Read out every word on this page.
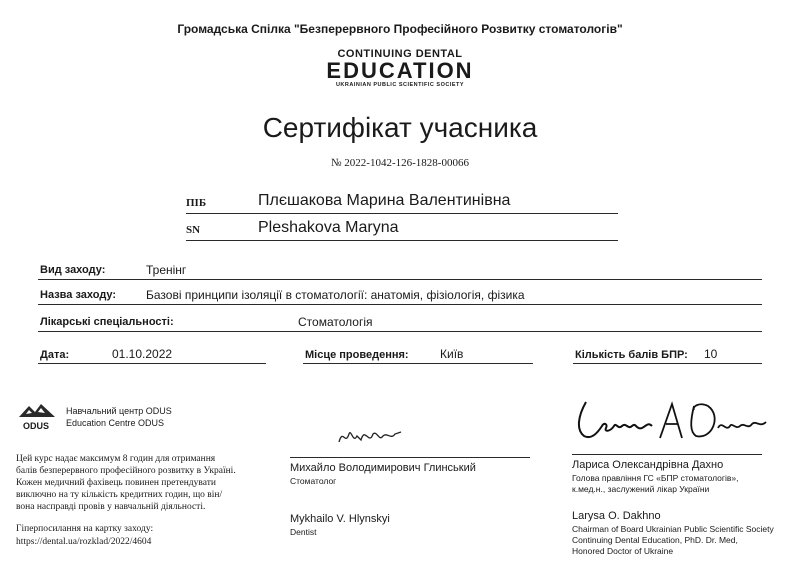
Громадська Спілка "Безперервного Професійного Розвитку стоматологів"
CONTINUING DENTAL
EDUCATION
UKRAINIAN PUBLIC SCIENTIFIC SOCIETY
Сертифікат учасника
№ 2022-1042-126-1828-00066
ПІБ	Плєшакова Марина Валентинівна
SN	Pleshakova Maryna
Вид заходу:	Тренінг
Назва заходу: Базові принципи ізоляції в стоматології: анатомія, фізіологія, фізика
Лікарські спеціальності:	Стоматологія
Дата:	01.10.2022	Місце проведення:	Київ	Кількість балів БПР: 10
ODUS
Навчальний центр ODUS
Education Centre ODUS
Цей курс надає максимум 8 годин для отримання
балів безперервного професійного розвитку в Україні.
Кожен медичний фахівець повинен претендувати
виключно на ту кількість кредитних годин, що він/
вона насправді провів у навчальній діяльності.
Гіперпосилання на картку заходу:
https://dental.ua/rozklad/2022/4604
Михайло Володимирович Глинський
Стоматолог
Mykhailo V. Hlynskyi
Dentist
Лариса Олександрівна Дахно
Голова правління ГС «БПР стоматологів»,
к.мед.н., заслужений лікар України
Larysa O. Dakhno
Chairman of Board Ukrainian Public Scientific Society
Continuing Dental Education, PhD. Dr. Med,
Honored Doctor of Ukraine
